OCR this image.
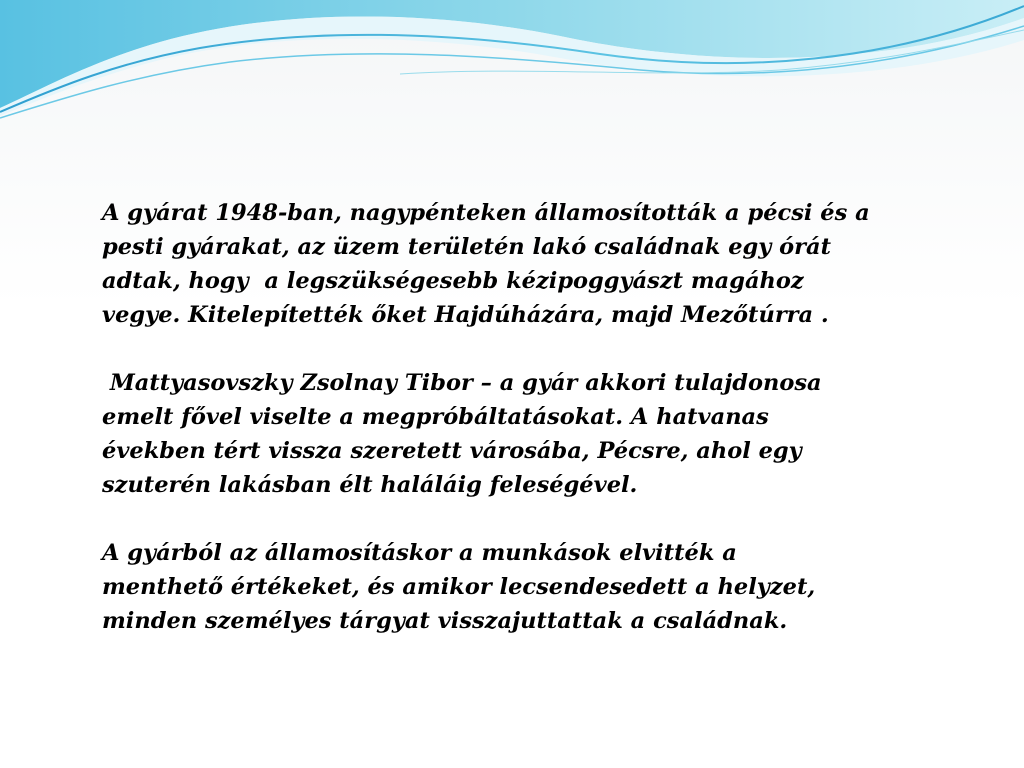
A gyárat 1948-ban, nagypénteken államosították a pécsi és a
pesti gyárakat, az üzem területén lakó családnak egy órát
adtak, hogy  a legszükségesebb kézipoggyászt magához
vegye. Kitelepítették őket Hajdúházára, majd Mezőtúrra .
Mattyasovszky Zsolnay Tibor – a gyár akkori tulajdonosa
emelt fővel viselte a megpróbáltatásokat. A hatvanas
években tért vissza szeretett városába, Pécsre, ahol egy
szuterén lakásban élt haláláig feleségével.
A gyárból az államosításkor a munkások elvitték a
menthető értékeket, és amikor lecsendesedett a helyzet,
minden személyes tárgyat visszajuttattak a családnak.
